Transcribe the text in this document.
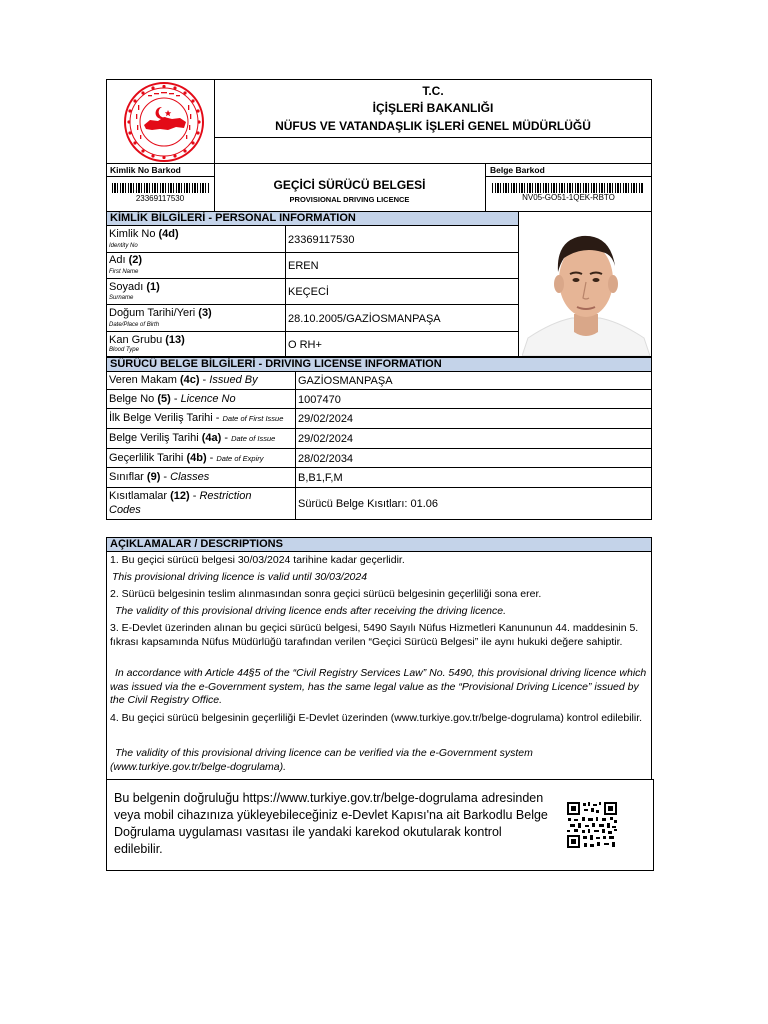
T.C.
İÇİŞLERİ BAKANLIĞI
NÜFUS VE VATANDAŞLIK İŞLERİ GENEL MÜDÜRLÜĞÜ
Kimlik No Barkod
23369117530
GEÇİCİ SÜRÜCÜ BELGESİ
PROVISIONAL DRIVING LICENCE
Belge Barkod
NV05-GO51-1QEK-RBTO
KİMLİK BİLGİLERİ - PERSONAL INFORMATION
Kimlik No (4d)
Identity No	23369117530
Adı (2)
First Name	EREN
Soyadı (1)
Surname	KEÇECİ
Doğum Tarihi/Yeri (3)
Date/Place of Birth	28.10.2005/GAZİOSMANPAŞA
Kan Grubu (13)
Blood Type	O RH+
SÜRÜCÜ BELGE BİLGİLERİ - DRIVING LICENSE INFORMATION
Veren Makam (4c) - Issued By	GAZİOSMANPAŞA
Belge No (5) - Licence No	1007470
İlk Belge Veriliş Tarihi - Date of First Issue 29/02/2024
Belge Veriliş Tarihi (4a) - Date of Issue 29/02/2024
Geçerlilik Tarihi (4b) - Date of Expiry	28/02/2034
Sınıflar (9) - Classes	B,B1,F,M
Kısıtlamalar (12) - Restriction
Codes	Sürücü Belge Kısıtları: 01.06
AÇIKLAMALAR / DESCRIPTIONS
1. Bu geçici sürücü belgesi 30/03/2024 tarihine kadar geçerlidir.
This provisional driving licence is valid until 30/03/2024
2. Sürücü belgesinin teslim alınmasından sonra geçici sürücü belgesinin geçerliliği sona erer.
The validity of this provisional driving licence ends after receiving the driving licence.
3. E-Devlet üzerinden alınan bu geçici sürücü belgesi, 5490 Sayılı Nüfus Hizmetleri Kanununun 44. maddesinin 5. fıkrası kapsamında Nüfus Müdürlüğü tarafından verilen “Geçici Sürücü Belgesi” ile aynı hukuki değere sahiptir.
In accordance with Article 44§5 of the “Civil Registry Services Law” No. 5490, this provisional driving licence which was issued via the e-Government system, has the same legal value as the “Provisional Driving Licence” issued by the Civil Registry Office.
4. Bu geçici sürücü belgesinin geçerliliği E-Devlet üzerinden (www.turkiye.gov.tr/belge-dogrulama) kontrol edilebilir.
The validity of this provisional driving licence can be verified via the e-Government system (www.turkiye.gov.tr/belge-dogrulama).
Bu belgenin doğruluğu https://www.turkiye.gov.tr/belge-dogrulama adresinden veya mobil cihazınıza yükleyebileceğiniz e-Devlet Kapısı'na ait Barkodlu Belge Doğrulama uygulaması vasıtası ile yandaki karekod okutularak kontrol edilebilir.
